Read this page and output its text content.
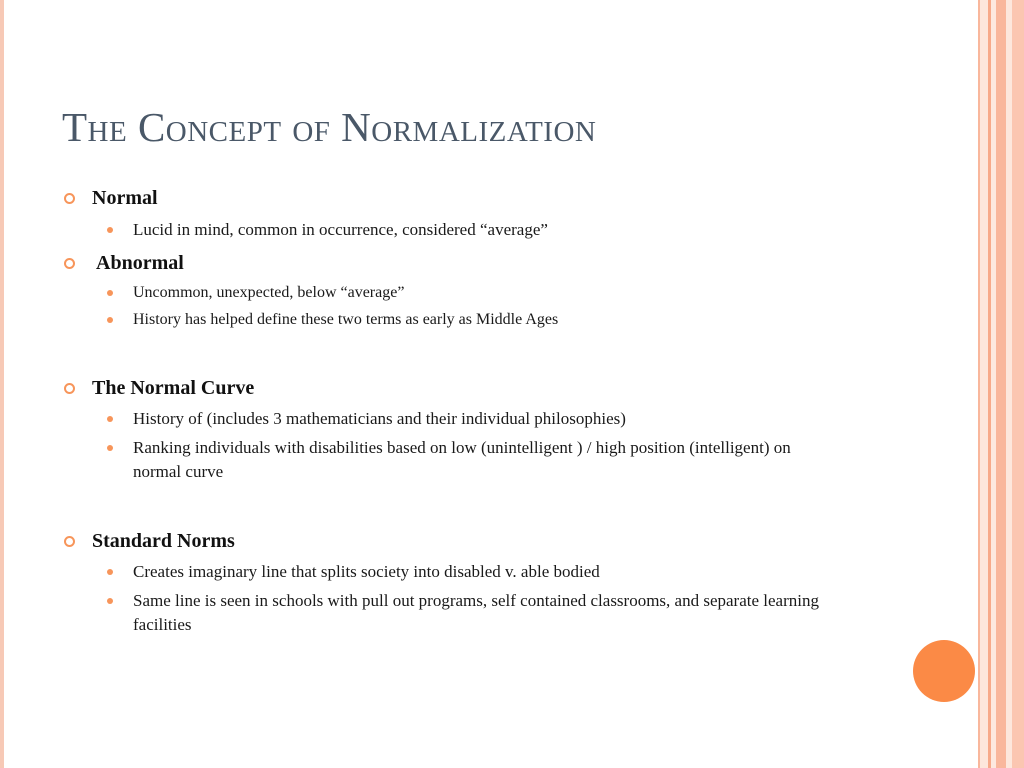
The Concept of Normalization
Normal
Lucid in mind, common in occurrence, considered “average”
Abnormal
Uncommon, unexpected, below “average”
History has helped define these two terms as early as Middle Ages
The Normal Curve
History of (includes 3 mathematicians and their individual philosophies)
Ranking individuals with disabilities based on low (unintelligent ) / high position (intelligent) on normal curve
Standard Norms
Creates imaginary line that splits society into disabled v. able bodied
Same line is seen in schools with pull out programs, self contained classrooms, and separate learning facilities
